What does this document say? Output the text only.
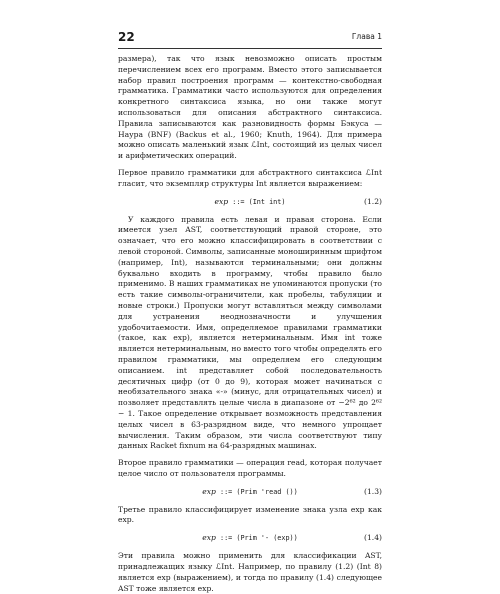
22	Глава 1

размера), так что язык невозможно описать простым перечислением всех его программ. Вместо этого записывается набор правил построения программ — контекстно-свободная грамматика. Грамматики часто используются для определения конкретного синтаксиса языка, но они также могут использоваться для описания абстрактного синтаксиса. Правила записываются как разновидность формы Бэкуса — Наура (BNF) (Backus et al., 1960; Knuth, 1964). Для примера можно описать маленький язык ℒInt, состоящий из целых чисел и арифметических операций.

Первое правило грамматики для абстрактного синтаксиса ℒInt гласит, что экземпляр структуры Int является выражением:

exp ::= (Int int)	(1.2)

У каждого правила есть левая и правая сторона. Если имеется узел AST, соответствующий правой стороне, это означает, что его можно классифицировать в соответствии с левой стороной. Символы, записанные моноширинным шрифтом (например, Int), называются терминальными; они должны буквально входить в программу, чтобы правило было применимо. В наших грамматиках не упоминаются пропуски (то есть такие символы-ограничители, как пробелы, табуляции и новые строки.) Пропуски могут вставляться между символами для устранения неоднозначности и улучшения удобочитаемости. Имя, определяемое правилами грамматики (такое, как exp), является нетерминальным. Имя int тоже является нетерминальным, но вместо того чтобы определять его правилом грамматики, мы определяем его следующим описанием. int представляет собой последовательность десятичных цифр (от 0 до 9), которая может начинаться с необязательного знака «-» (минус, для отрицательных чисел) и позволяет представлять целые числа в диапазоне от −2⁶² до 2⁶² − 1. Такое определение открывает возможность представления целых чисел в 63-разрядном виде, что немного упрощает вычисления. Таким образом, эти числа соответствуют типу данных Racket fixnum на 64-разрядных машинах.

Второе правило грамматики — операция read, которая получает целое число от пользователя программы.

exp ::= (Prim 'read ())	(1.3)

Третье правило классифицирует изменение знака узла exp как exp.

exp ::= (Prim '- (exp))	(1.4)

Эти правила можно применить для классификации AST, принадлежащих языку ℒInt. Например, по правилу (1.2) (Int 8) является exp (выражением), и тогда по правилу (1.4) следующее AST тоже является exp.
